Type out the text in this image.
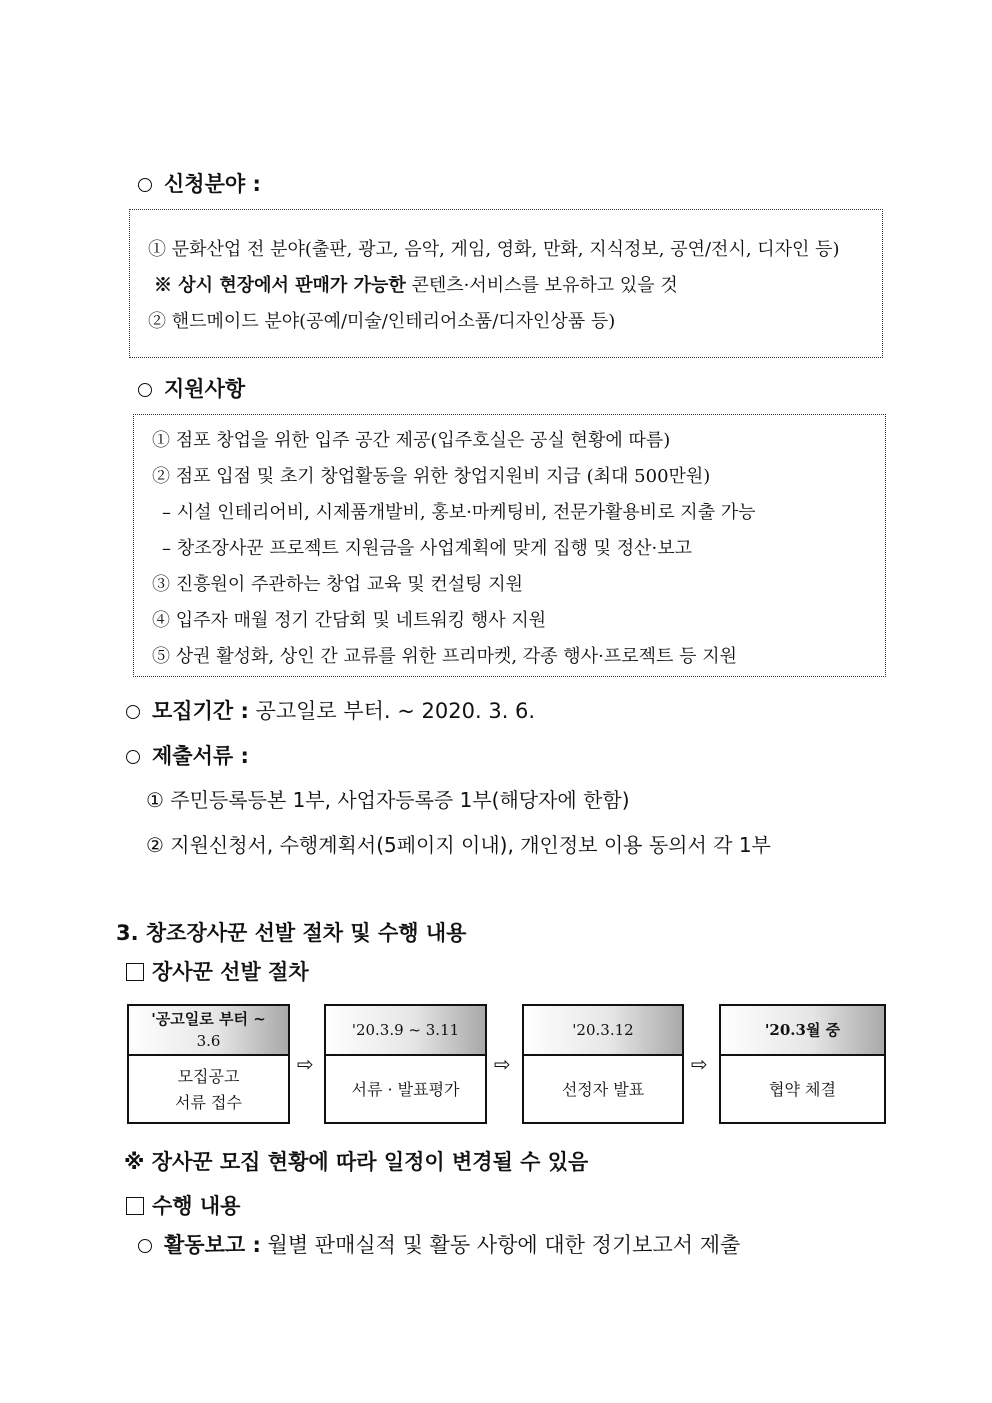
신청분야 :
① 문화산업 전 분야(출판, 광고, 음악, 게임, 영화, 만화, 지식정보, 공연/전시, 디자인 등)
※ 상시 현장에서 판매가 가능한 콘텐츠·서비스를 보유하고 있을 것
② 핸드메이드 분야(공예/미술/인테리어소품/디자인상품 등)
지원사항
① 점포 창업을 위한 입주 공간 제공(입주호실은 공실 현황에 따름)
② 점포 입점 및 초기 창업활동을 위한 창업지원비 지급 (최대 500만원)
– 시설 인테리어비, 시제품개발비, 홍보·마케팅비, 전문가활용비로 지출 가능
– 창조장사꾼 프로젝트 지원금을 사업계획에 맞게 집행 및 정산·보고
③ 진흥원이 주관하는 창업 교육 및 컨설팅 지원
④ 입주자 매월 정기 간담회 및 네트워킹 행사 지원
⑤ 상권 활성화, 상인 간 교류를 위한 프리마켓, 각종 행사·프로젝트 등 지원
모집기간 : 공고일로 부터. ~ 2020. 3. 6.
제출서류 :
① 주민등록등본 1부, 사업자등록증 1부(해당자에 한함)
② 지원신청서, 수행계획서(5페이지 이내), 개인정보 이용 동의서 각 1부
3. 창조장사꾼 선발 절차 및 수행 내용
장사꾼 선발 절차
'공고일로 부터 ~
3.6
모집공고
서류 접수
⇨
'20.3.9 ~ 3.11
서류 · 발표평가
⇨
'20.3.12
선정자 발표
⇨
'20.3월 중
협약 체결
※ 장사꾼 모집 현황에 따라 일정이 변경될 수 있음
수행 내용
활동보고 : 월별 판매실적 및 활동 사항에 대한 정기보고서 제출
